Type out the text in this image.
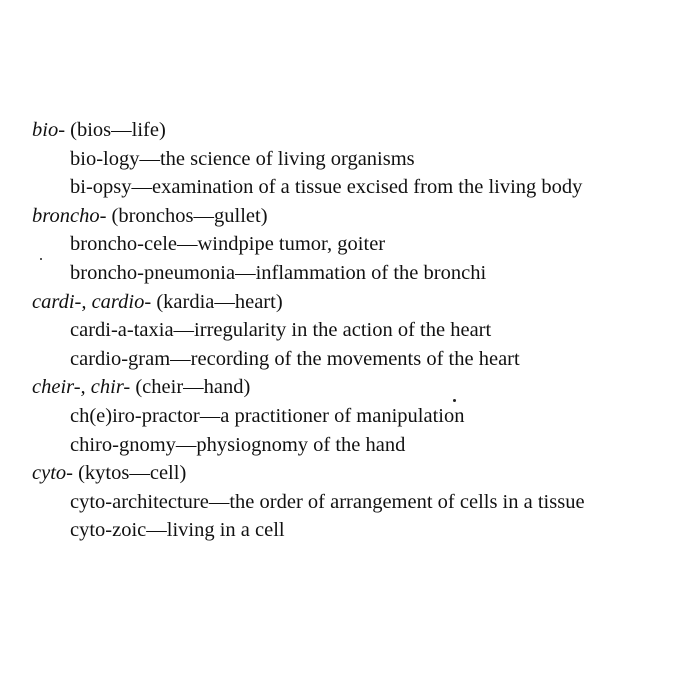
bio- (bios—life)
bio-logy—the science of living organisms
bi-opsy—examination of a tissue excised from the living body
broncho- (bronchos—gullet)
broncho-cele—windpipe tumor, goiter
broncho-pneumonia—inflammation of the bronchi
cardi-, cardio- (kardia—heart)
cardi-a-taxia—irregularity in the action of the heart
cardio-gram—recording of the movements of the heart
cheir-, chir- (cheir—hand)
ch(e)iro-practor—a practitioner of manipulation
chiro-gnomy—physiognomy of the hand
cyto- (kytos—cell)
cyto-architecture—the order of arrangement of cells in a tissue
cyto-zoic—living in a cell
